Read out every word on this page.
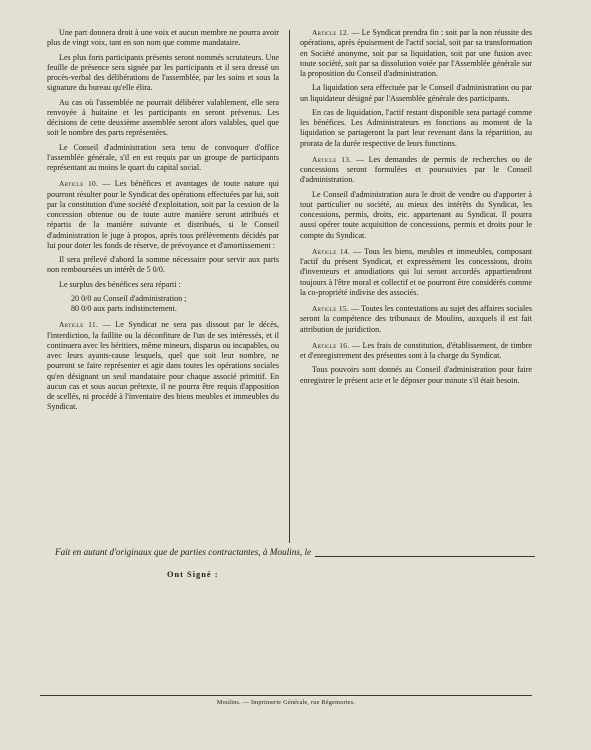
Une part donnera droit à une voix et aucun membre ne pourra avoir plus de vingt voix, tant en son nom que comme mandataire.

Les plus forts participants présents seront nommés scrutateurs. Une feuille de présence sera signée par les participants et il sera dressé un procès-verbal des délibérations de l'assemblée, par les soins et sous la signature du bureau qu'elle élira.

Au cas où l'assemblée ne pourrait délibérer valablement, elle sera renvoyée à huitaine et les participants en seront prévenus. Les décisions de cette deuxième assemblée seront alors valables, quel que soit le nombre des parts représentées.

Le Conseil d'administration sera tenu de convoquer d'office l'assemblée générale, s'il en est requis par un groupe de participants représentant au moins le quart du capital social.

Article 10. — Les bénéfices et avantages de toute nature qui pourront résulter pour le Syndicat des opérations effectuées par lui, soit par la constitution d'une société d'exploitation, soit par la cession de la concession obtenue ou de toute autre manière seront attribués et répartis de la manière suivante et distribués, si le Conseil d'administration le juge à propos, après tous prélèvements décidés par lui pour doter les fonds de réserve, de prévoyance et d'amortissement :

Il sera prélevé d'abord la somme nécessaire pour servir aux parts non remboursées un intérêt de 5 0/0.

Le surplus des bénéfices sera réparti :

20 0/0 au Conseil d'administration ;

80 0/0 aux parts indistinctement.

Article 11. — Le Syndicat ne sera pas dissout par le décès, l'interdiction, la faillite ou la déconfiture de l'un de ses intéressés, et il continuera avec les héritiers, même mineurs, disparus ou incapables, ou avec leurs ayants-cause lesquels, quel que soit leur nombre, ne pourront se faire représenter et agir dans toutes les opérations sociales qu'en désignant un seul mandataire pour chaque associé primitif. En aucun cas et sous aucun prétexte, il ne pourra être requis d'apposition de scellés, ni procédé à l'inventaire des biens meubles et immeubles du Syndicat.

Article 12. — Le Syndicat prendra fin : soit par la non réussite des opérations, après épuisement de l'actif social, soit par sa transformation en Société anonyme, soit par sa liquidation, soit par une fusion avec toute société, soit par sa dissolution votée par l'Assemblée générale sur la proposition du Conseil d'administration.

La liquidation sera effectuée par le Conseil d'administration ou par un liquidateur désigné par l'Assemblée générale des participants.

En cas de liquidation, l'actif restant disponible sera partagé comme les bénéfices. Les Administrateurs en fonctions au moment de la liquidation se partageront la part leur revenant dans la répartition, au prorata de la durée respective de leurs fonctions.

Article 13. — Les demandes de permis de recherches ou de concessions seront formulées et poursuivies par le Conseil d'administration.

Le Conseil d'administration aura le droit de vendre ou d'apporter à tout particulier ou société, au mieux des intérêts du Syndicat, les concessions, permis, droits, etc. appartenant au Syndicat. Il pourra aussi opérer toute acquisition de concessions, permis et droits pour le compte du Syndicat.

Article 14. — Tous les biens, meubles et immeubles, composant l'actif du présent Syndicat, et expressément les concessions, droits d'inventeurs et amodiations qui lui seront accordés appartiendront toujours à l'être moral et collectif et ne pourront être considérés comme la co-propriété indivise des associés.

Article 15. — Toutes les contestations au sujet des affaires sociales seront la compétence des tribunaux de Moulins, auxquels il est fait attribution de juridiction.

Article 16. — Les frais de constitution, d'établissement, de timbre et d'enregistrement des présentes sont à la charge du Syndicat.

Tous pouvoirs sont donnés au Conseil d'administration pour faire enregistrer le présent acte et le déposer pour minute s'il était besoin.

Fait en autant d'originaux que de parties contractantes, à Moulins, le
Ont Signé :
Moulins. — Imprimerie Générale, rue Régemortes.
